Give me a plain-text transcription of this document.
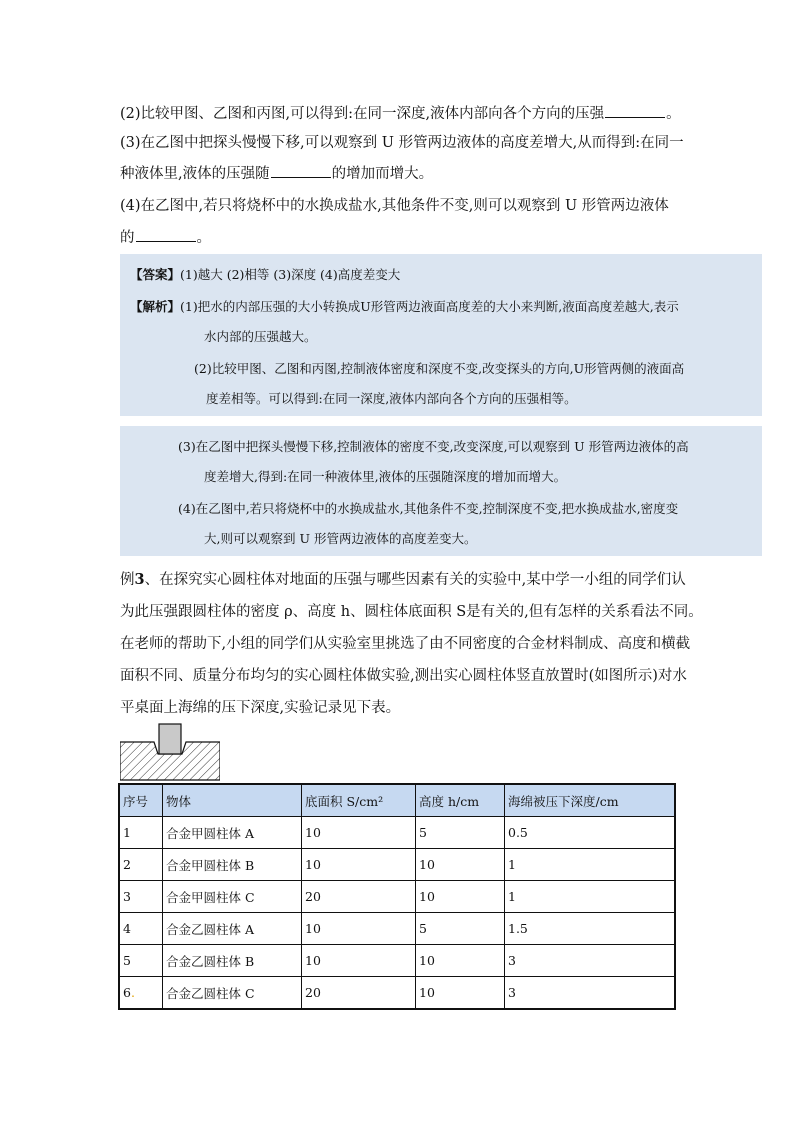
(2)比较甲图、乙图和丙图,可以得到:在同一深度,液体内部向各个方向的压强	。
(3)在乙图中把探头慢慢下移,可以观察到 U 形管两边液体的高度差增大,从而得到:在同一
种液体里,液体的压强随	的增加而增大。
(4)在乙图中,若只将烧杯中的水换成盐水,其他条件不变,则可以观察到 U 形管两边液体
的	。
【答案】(1)越大 (2)相等 (3)深度 (4)高度差变大
【解析】(1)把水的内部压强的大小转换成U形管两边液面高度差的大小来判断,液面高度差越大,表示
水内部的压强越大。
(2)比较甲图、乙图和丙图,控制液体密度和深度不变,改变探头的方向,U形管两侧的液面高
度差相等。可以得到:在同一深度,液体内部向各个方向的压强相等。
(3)在乙图中把探头慢慢下移,控制液体的密度不变,改变深度,可以观察到 U 形管两边液体的高
度差增大,得到:在同一种液体里,液体的压强随深度的增加而增大。
(4)在乙图中,若只将烧杯中的水换成盐水,其他条件不变,控制深度不变,把水换成盐水,密度变
大,则可以观察到 U 形管两边液体的高度差变大。
例3、在探究实心圆柱体对地面的压强与哪些因素有关的实验中,某中学一小组的同学们认
为此压强跟圆柱体的密度 ρ、高度 h、圆柱体底面积 S是有关的,但有怎样的关系看法不同。
在老师的帮助下,小组的同学们从实验室里挑选了由不同密度的合金材料制成、高度和横截
面积不同、质量分布均匀的实心圆柱体做实验,测出实心圆柱体竖直放置时(如图所示)对水
平桌面上海绵的压下深度,实验记录见下表。
序号	物体	底面积 S/cm²	高度 h/cm	海绵被压下深度/cm
1	合金甲圆柱体 A	10	5	0.5
2	合金甲圆柱体 B	10	10	1
3	合金甲圆柱体 C	20	10	1
4	合金乙圆柱体 A	10	5	1.5
5	合金乙圆柱体 B	10	10	3
6.	合金乙圆柱体 C	20	10	3
